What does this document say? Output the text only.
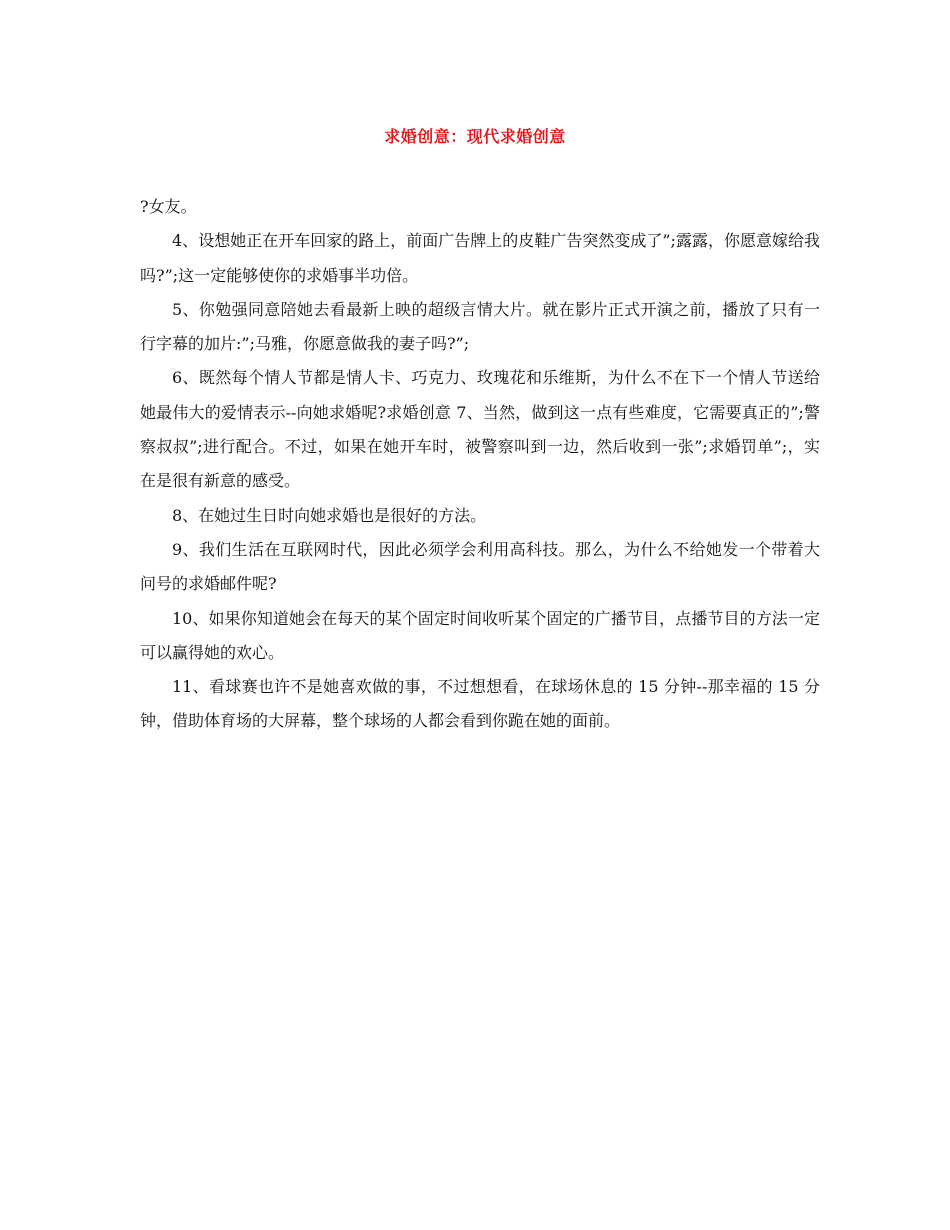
求婚创意：现代求婚创意

?女友。

4、设想她正在开车回家的路上，前面广告牌上的皮鞋广告突然变成了”;露露，你愿意嫁给我吗?”;这一定能够使你的求婚事半功倍。

5、你勉强同意陪她去看最新上映的超级言情大片。就在影片正式开演之前，播放了只有一行字幕的加片:”;马雅，你愿意做我的妻子吗?”;

6、既然每个情人节都是情人卡、巧克力、玫瑰花和乐维斯，为什么不在下一个情人节送给她最伟大的爱情表示--向她求婚呢?求婚创意 7、当然，做到这一点有些难度，它需要真正的”;警察叔叔”;进行配合。不过，如果在她开车时，被警察叫到一边，然后收到一张”;求婚罚单”;，实在是很有新意的感受。

8、在她过生日时向她求婚也是很好的方法。

9、我们生活在互联网时代，因此必须学会利用高科技。那么，为什么不给她发一个带着大问号的求婚邮件呢?

10、如果你知道她会在每天的某个固定时间收听某个固定的广播节目，点播节目的方法一定可以赢得她的欢心。

11、看球赛也许不是她喜欢做的事，不过想想看，在球场休息的 15 分钟--那幸福的 15 分钟，借助体育场的大屏幕，整个球场的人都会看到你跪在她的面前。
